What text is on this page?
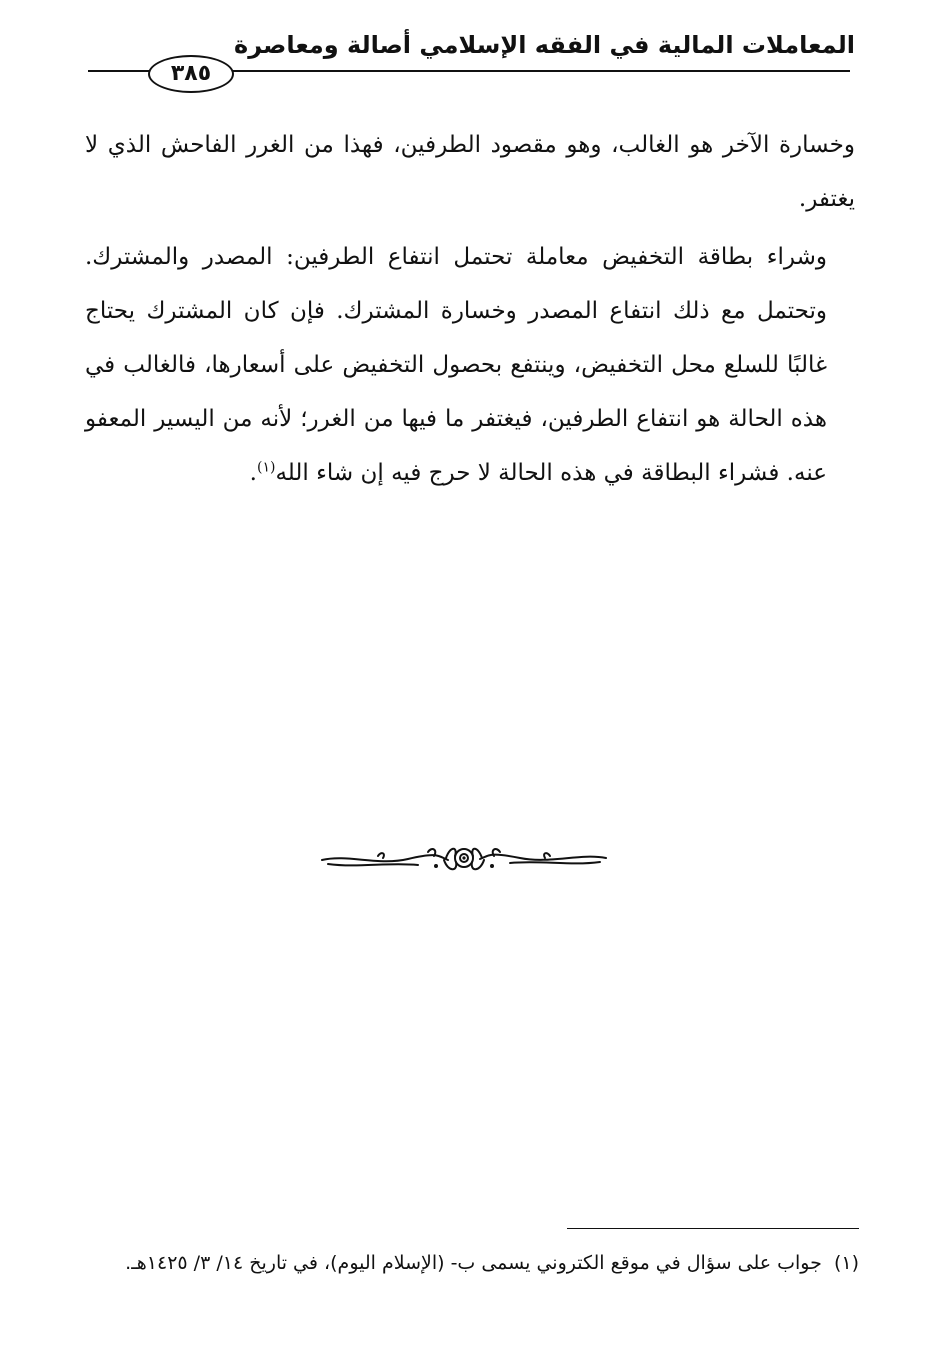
المعاملات المالية في الفقه الإسلامي أصالة ومعاصرة
٣٨٥

وخسارة الآخر هو الغالب، وهو مقصود الطرفين، فهذا من الغرر الفاحش الذي لا يغتفر.

وشراء بطاقة التخفيض معاملة تحتمل انتفاع الطرفين: المصدر والمشترك. وتحتمل مع ذلك انتفاع المصدر وخسارة المشترك. فإن كان المشترك يحتاج غالبًا للسلع محل التخفيض، وينتفع بحصول التخفيض على أسعارها، فالغالب في هذه الحالة هو انتفاع الطرفين، فيغتفر ما فيها من الغرر؛ لأنه من اليسير المعفو عنه. فشراء البطاقة في هذه الحالة لا حرج فيه إن شاء الله$^{(١)}$.

(١)  جواب على سؤال في موقع الكتروني يسمى ب- (الإسلام اليوم)، في تاريخ ١٤/ ٣/ ١٤٢٥هـ.
